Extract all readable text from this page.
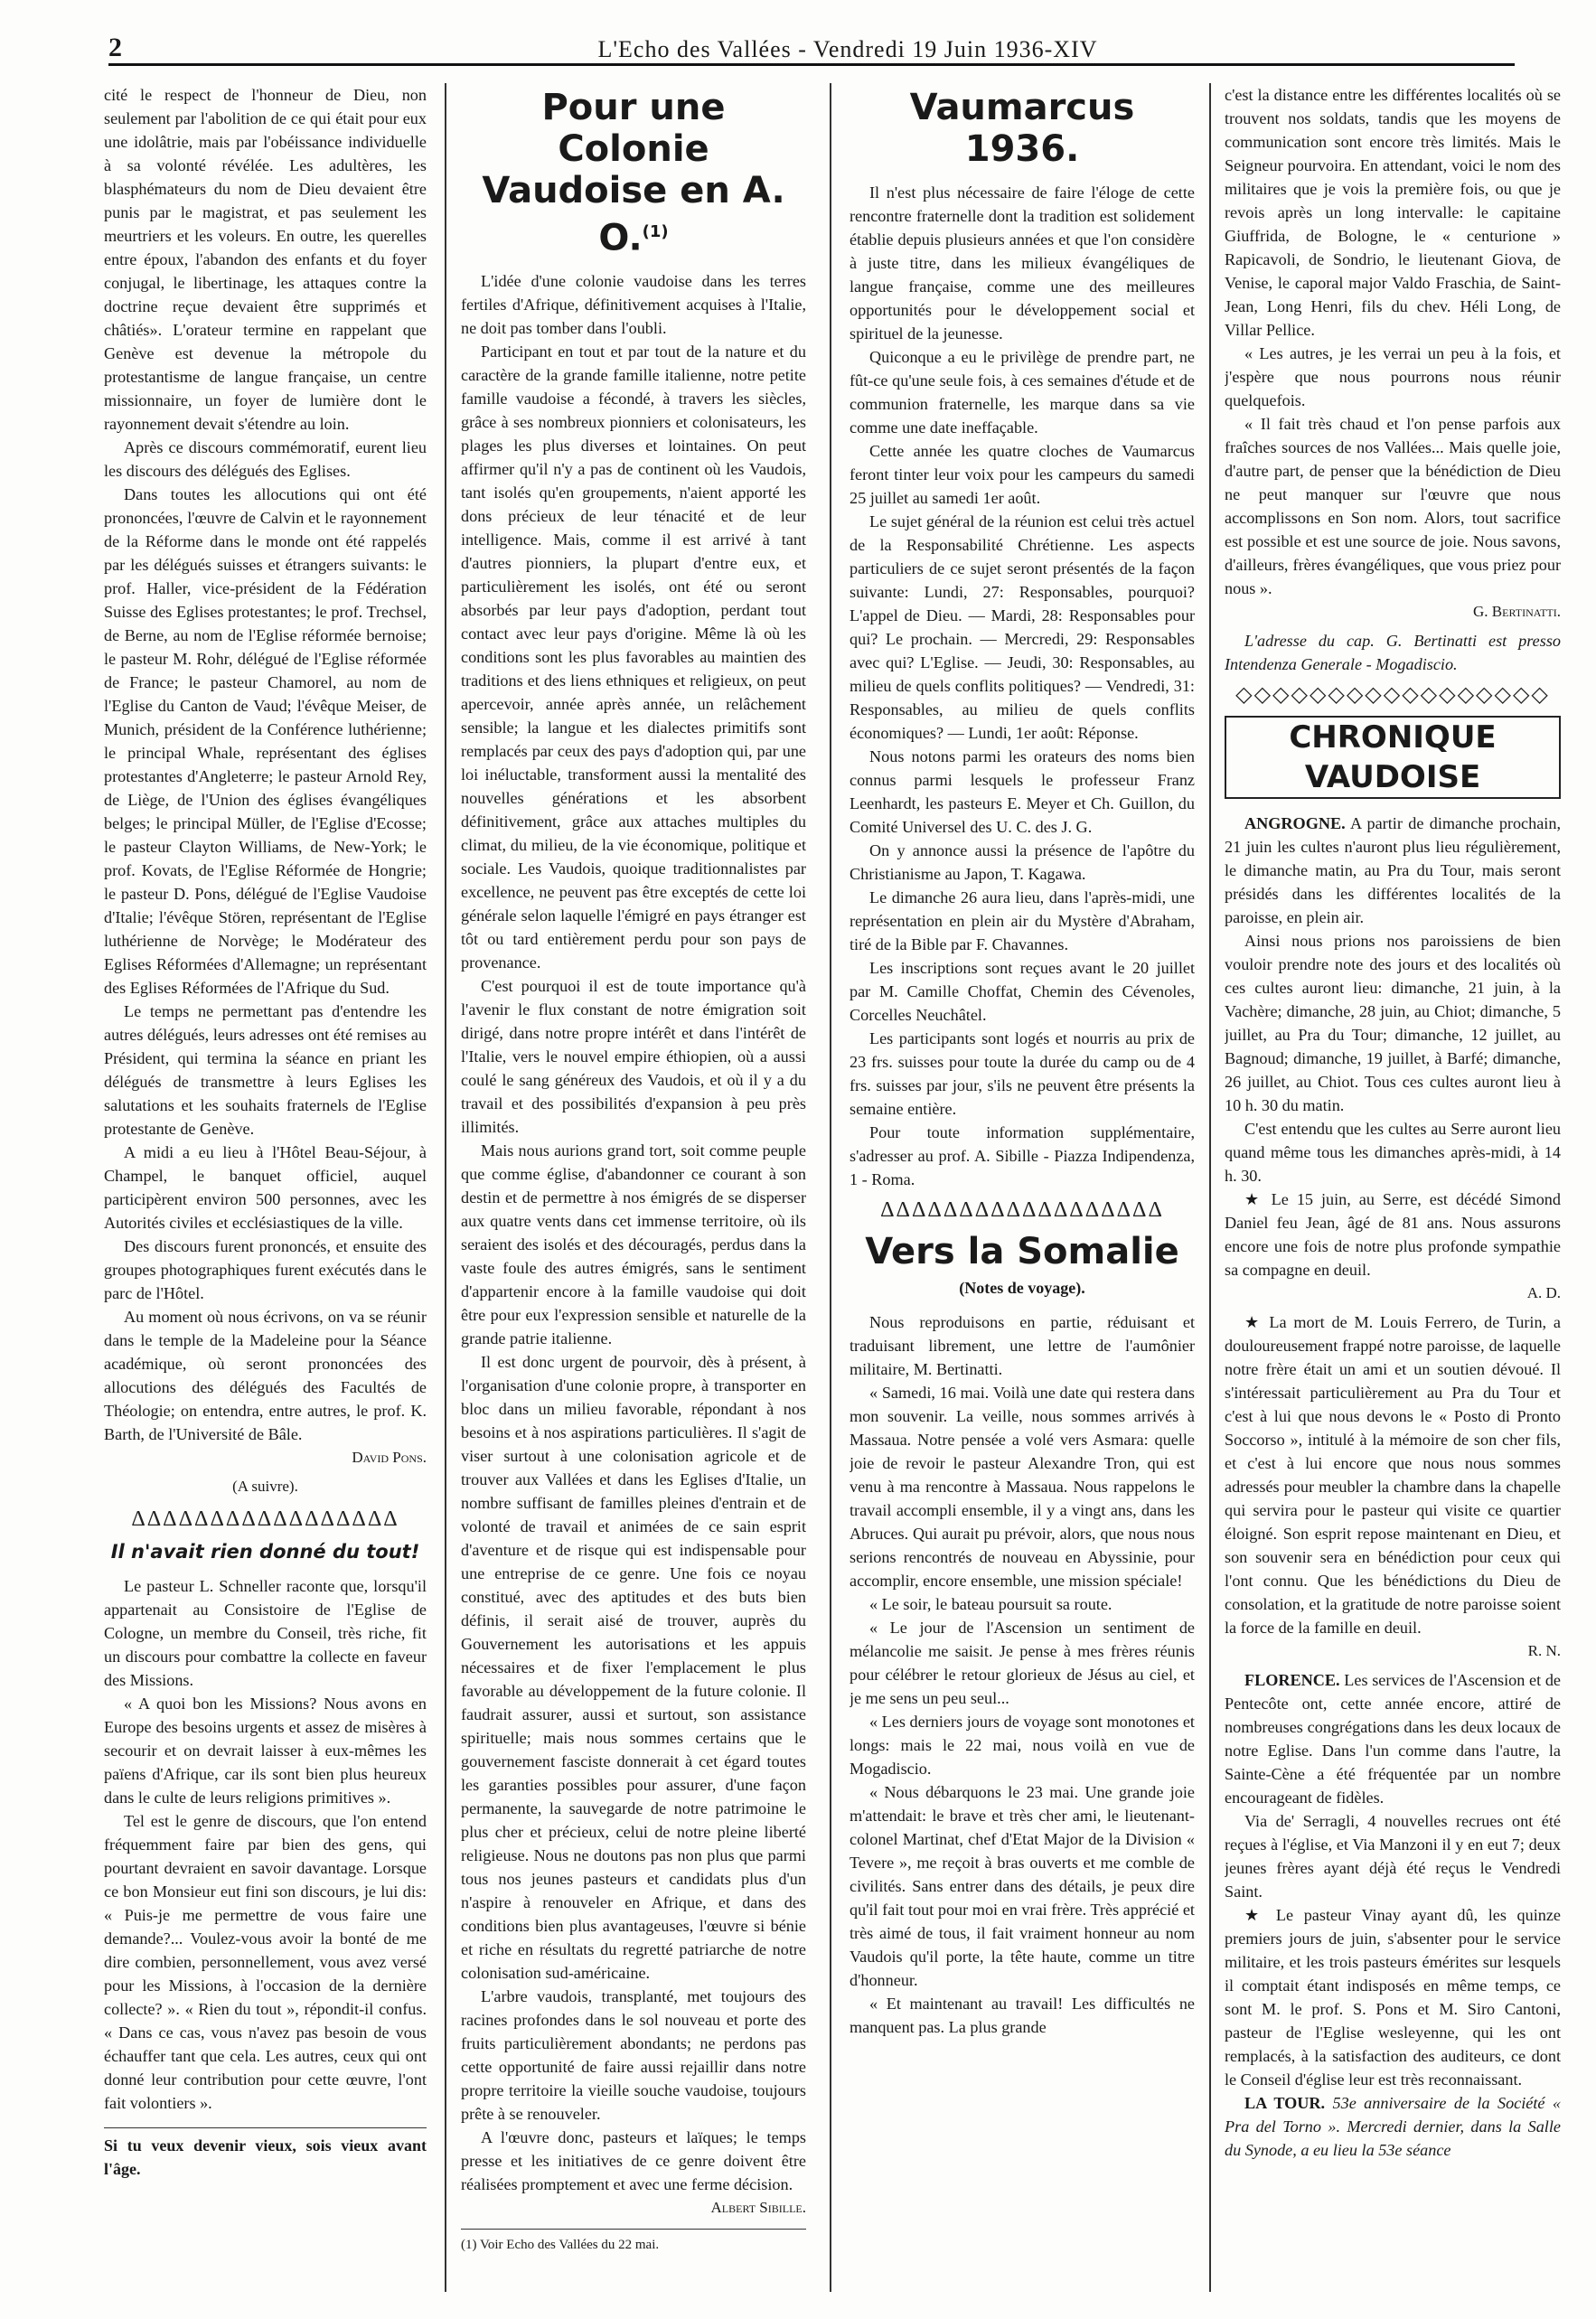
2	L'Echo des Vallées - Vendredi 19 Juin 1936-XIV

cité le respect de l'honneur de Dieu, non seulement par l'abolition de ce qui était pour eux une idolâtrie, mais par l'obéissance individuelle à sa volonté révélée. Les adultères, les blasphémateurs du nom de Dieu devaient être punis par le magistrat, et pas seulement les meurtriers et les voleurs. En outre, les querelles entre époux, l'abandon des enfants et du foyer conjugal, le libertinage, les attaques contre la doctrine reçue devaient être supprimés et châtiés». L'orateur termine en rappelant que Genève est devenue la métropole du protestantisme de langue française, un centre missionnaire, un foyer de lumière dont le rayonnement devait s'étendre au loin.

Après ce discours commémoratif, eurent lieu les discours des délégués des Eglises.

Dans toutes les allocutions qui ont été prononcées, l'œuvre de Calvin et le rayonnement de la Réforme dans le monde ont été rappelés par les délégués suisses et étrangers suivants: le prof. Haller, vice-président de la Fédération Suisse des Eglises protestantes; le prof. Trechsel, de Berne, au nom de l'Eglise réformée bernoise; le pasteur M. Rohr, délégué de l'Eglise réformée de France; le pasteur Chamorel, au nom de l'Eglise du Canton de Vaud; l'évêque Meiser, de Munich, président de la Conférence luthérienne; le principal Whale, représentant des églises protestantes d'Angleterre; le pasteur Arnold Rey, de Liège, de l'Union des églises évangéliques belges; le principal Müller, de l'Eglise d'Ecosse; le pasteur Clayton Williams, de New-York; le prof. Kovats, de l'Eglise Réformée de Hongrie; le pasteur D. Pons, délégué de l'Eglise Vaudoise d'Italie; l'évêque Stören, représentant de l'Eglise luthérienne de Norvège; le Modérateur des Eglises Réformées d'Allemagne; un représentant des Eglises Réformées de l'Afrique du Sud.

Le temps ne permettant pas d'entendre les autres délégués, leurs adresses ont été remises au Président, qui termina la séance en priant les délégués de transmettre à leurs Eglises les salutations et les souhaits fraternels de l'Eglise protestante de Genève.

A midi a eu lieu à l'Hôtel Beau-Séjour, à Champel, le banquet officiel, auquel participèrent environ 500 personnes, avec les Autorités civiles et ecclésiastiques de la ville.

Des discours furent prononcés, et ensuite des groupes photographiques furent exécutés dans le parc de l'Hôtel.

Au moment où nous écrivons, on va se réunir dans le temple de la Madeleine pour la Séance académique, où seront prononcées des allocutions des délégués des Facultés de Théologie; on entendra, entre autres, le prof. K. Barth, de l'Université de Bâle.

David Pons.
(A suivre).
ΔΔΔΔΔΔΔΔΔΔΔΔΔΔΔΔΔ
Il n'avait rien donné du tout!

Le pasteur L. Schneller raconte que, lorsqu'il appartenait au Consistoire de l'Eglise de Cologne, un membre du Conseil, très riche, fit un discours pour combattre la collecte en faveur des Missions.

« A quoi bon les Missions? Nous avons en Europe des besoins urgents et assez de misères à secourir et on devrait laisser à eux-mêmes les païens d'Afrique, car ils sont bien plus heureux dans le culte de leurs religions primitives ».

Tel est le genre de discours, que l'on entend fréquemment faire par bien des gens, qui pourtant devraient en savoir davantage. Lorsque ce bon Monsieur eut fini son discours, je lui dis: « Puis-je me permettre de vous faire une demande?... Voulez-vous avoir la bonté de me dire combien, personnellement, vous avez versé pour les Missions, à l'occasion de la dernière collecte? ». « Rien du tout », répondit-il confus. « Dans ce cas, vous n'avez pas besoin de vous échauffer tant que cela. Les autres, ceux qui ont donné leur contribution pour cette œuvre, l'ont fait volontiers ».

Si tu veux devenir vieux, sois vieux avant l'âge.
Pour une Colonie Vaudoise en A. O.$^{(1)}$

L'idée d'une colonie vaudoise dans les terres fertiles d'Afrique, définitivement acquises à l'Italie, ne doit pas tomber dans l'oubli.

Participant en tout et par tout de la nature et du caractère de la grande famille italienne, notre petite famille vaudoise a fécondé, à travers les siècles, grâce à ses nombreux pionniers et colonisateurs, les plages les plus diverses et lointaines. On peut affirmer qu'il n'y a pas de continent où les Vaudois, tant isolés qu'en groupements, n'aient apporté les dons précieux de leur ténacité et de leur intelligence. Mais, comme il est arrivé à tant d'autres pionniers, la plupart d'entre eux, et particulièrement les isolés, ont été ou seront absorbés par leur pays d'adoption, perdant tout contact avec leur pays d'origine. Même là où les conditions sont les plus favorables au maintien des traditions et des liens ethniques et religieux, on peut apercevoir, année après année, un relâchement sensible; la langue et les dialectes primitifs sont remplacés par ceux des pays d'adoption qui, par une loi inéluctable, transforment aussi la mentalité des nouvelles générations et les absorbent définitivement, grâce aux attaches multiples du climat, du milieu, de la vie économique, politique et sociale. Les Vaudois, quoique traditionnalistes par excellence, ne peuvent pas être exceptés de cette loi générale selon laquelle l'émigré en pays étranger est tôt ou tard entièrement perdu pour son pays de provenance.

C'est pourquoi il est de toute importance qu'à l'avenir le flux constant de notre émigration soit dirigé, dans notre propre intérêt et dans l'intérêt de l'Italie, vers le nouvel empire éthiopien, où a aussi coulé le sang généreux des Vaudois, et où il y a du travail et des possibilités d'expansion à peu près illimités.

Mais nous aurions grand tort, soit comme peuple que comme église, d'abandonner ce courant à son destin et de permettre à nos émigrés de se disperser aux quatre vents dans cet immense territoire, où ils seraient des isolés et des découragés, perdus dans la vaste foule des autres émigrés, sans le sentiment d'appartenir encore à la famille vaudoise qui doit être pour eux l'expression sensible et naturelle de la grande patrie italienne.

Il est donc urgent de pourvoir, dès à présent, à l'organisation d'une colonie propre, à transporter en bloc dans un milieu favorable, répondant à nos besoins et à nos aspirations particulières. Il s'agit de viser surtout à une colonisation agricole et de trouver aux Vallées et dans les Eglises d'Italie, un nombre suffisant de familles pleines d'entrain et de volonté de travail et animées de ce sain esprit d'aventure et de risque qui est indispensable pour une entreprise de ce genre. Une fois ce noyau constitué, avec des aptitudes et des buts bien définis, il serait aisé de trouver, auprès du Gouvernement les autorisations et les appuis nécessaires et de fixer l'emplacement le plus favorable au développement de la future colonie. Il faudrait assurer, aussi et surtout, son assistance spirituelle; mais nous sommes certains que le gouvernement fasciste donnerait à cet égard toutes les garanties possibles pour assurer, d'une façon permanente, la sauvegarde de notre patrimoine le plus cher et précieux, celui de notre pleine liberté religieuse. Nous ne doutons pas non plus que parmi tous nos jeunes pasteurs et candidats plus d'un n'aspire à renouveler en Afrique, et dans des conditions bien plus avantageuses, l'œuvre si bénie et riche en résultats du regretté patriarche de notre colonisation sud-américaine.

L'arbre vaudois, transplanté, met toujours des racines profondes dans le sol nouveau et porte des fruits particulièrement abondants; ne perdons pas cette opportunité de faire aussi rejaillir dans notre propre territoire la vieille souche vaudoise, toujours prête à se renouveler.

A l'œuvre donc, pasteurs et laïques; le temps presse et les initiatives de ce genre doivent être réalisées promptement et avec une ferme décision.

Albert Sibille.
(1) Voir Echo des Vallées du 22 mai.
Vaumarcus 1936.

Il n'est plus nécessaire de faire l'éloge de cette rencontre fraternelle dont la tradition est solidement établie depuis plusieurs années et que l'on considère à juste titre, dans les milieux évangéliques de langue française, comme une des meilleures opportunités pour le développement social et spirituel de la jeunesse.

Quiconque a eu le privilège de prendre part, ne fût-ce qu'une seule fois, à ces semaines d'étude et de communion fraternelle, les marque dans sa vie comme une date ineffaçable.

Cette année les quatre cloches de Vaumarcus feront tinter leur voix pour les campeurs du samedi 25 juillet au samedi 1er août.

Le sujet général de la réunion est celui très actuel de la Responsabilité Chrétienne. Les aspects particuliers de ce sujet seront présentés de la façon suivante: Lundi, 27: Responsables, pourquoi? L'appel de Dieu. — Mardi, 28: Responsables pour qui? Le prochain. — Mercredi, 29: Responsables avec qui? L'Eglise. — Jeudi, 30: Responsables, au milieu de quels conflits politiques? — Vendredi, 31: Responsables, au milieu de quels conflits économiques? — Lundi, 1er août: Réponse.

Nous notons parmi les orateurs des noms bien connus parmi lesquels le professeur Franz Leenhardt, les pasteurs E. Meyer et Ch. Guillon, du Comité Universel des U. C. des J. G.

On y annonce aussi la présence de l'apôtre du Christianisme au Japon, T. Kagawa.

Le dimanche 26 aura lieu, dans l'après-midi, une représentation en plein air du Mystère d'Abraham, tiré de la Bible par F. Chavannes.

Les inscriptions sont reçues avant le 20 juillet par M. Camille Choffat, Chemin des Cévenoles, Corcelles Neuchâtel.

Les participants sont logés et nourris au prix de 23 frs. suisses pour toute la durée du camp ou de 4 frs. suisses par jour, s'ils ne peuvent être présents la semaine entière.

Pour toute information supplémentaire, s'adresser au prof. A. Sibille - Piazza Indipendenza, 1 - Roma.

ΔΔΔΔΔΔΔΔΔΔΔΔΔΔΔΔΔΔ
Vers la Somalie
(Notes de voyage).

Nous reproduisons en partie, réduisant et traduisant librement, une lettre de l'aumônier militaire, M. Bertinatti.

« Samedi, 16 mai. Voilà une date qui restera dans mon souvenir. La veille, nous sommes arrivés à Massaua. Notre pensée a volé vers Asmara: quelle joie de revoir le pasteur Alexandre Tron, qui est venu à ma rencontre à Massaua. Nous rappelons le travail accompli ensemble, il y a vingt ans, dans les Abruces. Qui aurait pu prévoir, alors, que nous nous serions rencontrés de nouveau en Abyssinie, pour accomplir, encore ensemble, une mission spéciale!

« Le soir, le bateau poursuit sa route.

« Le jour de l'Ascension un sentiment de mélancolie me saisit. Je pense à mes frères réunis pour célébrer le retour glorieux de Jésus au ciel, et je me sens un peu seul...

« Les derniers jours de voyage sont monotones et longs: mais le 22 mai, nous voilà en vue de Mogadiscio.

« Nous débarquons le 23 mai. Une grande joie m'attendait: le brave et très cher ami, le lieutenant-colonel Martinat, chef d'Etat Major de la Division « Tevere », me reçoit à bras ouverts et me comble de civilités. Sans entrer dans des détails, je peux dire qu'il fait tout pour moi en vrai frère. Très apprécié et très aimé de tous, il fait vraiment honneur au nom Vaudois qu'il porte, la tête haute, comme un titre d'honneur.

« Et maintenant au travail! Les difficultés ne manquent pas. La plus grande

c'est la distance entre les différentes localités où se trouvent nos soldats, tandis que les moyens de communication sont encore très limités. Mais le Seigneur pourvoira. En attendant, voici le nom des militaires que je vois la première fois, ou que je revois après un long intervalle: le capitaine Giuffrida, de Bologne, le « centurione » Rapicavoli, de Sondrio, le lieutenant Giova, de Venise, le caporal major Valdo Fraschia, de Saint-Jean, Long Henri, fils du chev. Héli Long, de Villar Pellice.

« Les autres, je les verrai un peu à la fois, et j'espère que nous pourrons nous réunir quelquefois.

« Il fait très chaud et l'on pense parfois aux fraîches sources de nos Vallées... Mais quelle joie, d'autre part, de penser que la bénédiction de Dieu ne peut manquer sur l'œuvre que nous accomplissons en Son nom. Alors, tout sacrifice est possible et est une source de joie. Nous savons, d'ailleurs, frères évangéliques, que vous priez pour nous ».

G. Bertinatti.

L'adresse du cap. G. Bertinatti est presso Intendenza Generale - Mogadiscio.

◇◇◇◇◇◇◇◇◇◇◇◇◇◇◇◇◇
CHRONIQUE VAUDOISE

ANGROGNE. A partir de dimanche prochain, 21 juin les cultes n'auront plus lieu régulièrement, le dimanche matin, au Pra du Tour, mais seront présidés dans les différentes localités de la paroisse, en plein air.

Ainsi nous prions nos paroissiens de bien vouloir prendre note des jours et des localités où ces cultes auront lieu: dimanche, 21 juin, à la Vachère; dimanche, 28 juin, au Chiot; dimanche, 5 juillet, au Pra du Tour; dimanche, 12 juillet, au Bagnoud; dimanche, 19 juillet, à Barfé; dimanche, 26 juillet, au Chiot. Tous ces cultes auront lieu à 10 h. 30 du matin.

C'est entendu que les cultes au Serre auront lieu quand même tous les dimanches après-midi, à 14 h. 30.

★ Le 15 juin, au Serre, est décédé Simond Daniel feu Jean, âgé de 81 ans. Nous assurons encore une fois de notre plus profonde sympathie sa compagne en deuil.

A. D.

★ La mort de M. Louis Ferrero, de Turin, a douloureusement frappé notre paroisse, de laquelle notre frère était un ami et un soutien dévoué. Il s'intéressait particulièrement au Pra du Tour et c'est à lui que nous devons le « Posto di Pronto Soccorso », intitulé à la mémoire de son cher fils, et c'est à lui encore que nous nous sommes adressés pour meubler la chambre dans la chapelle qui servira pour le pasteur qui visite ce quartier éloigné. Son esprit repose maintenant en Dieu, et son souvenir sera en bénédiction pour ceux qui l'ont connu. Que les bénédictions du Dieu de consolation, et la gratitude de notre paroisse soient la force de la famille en deuil.

R. N.

FLORENCE. Les services de l'Ascension et de Pentecôte ont, cette année encore, attiré de nombreuses congrégations dans les deux locaux de notre Eglise. Dans l'un comme dans l'autre, la Sainte-Cène a été fréquentée par un nombre encourageant de fidèles.

Via de' Serragli, 4 nouvelles recrues ont été reçues à l'église, et Via Manzoni il y en eut 7; deux jeunes frères ayant déjà été reçus le Vendredi Saint.

★ Le pasteur Vinay ayant dû, les quinze premiers jours de juin, s'absenter pour le service militaire, et les trois pasteurs émérites sur lesquels il comptait étant indisposés en même temps, ce sont M. le prof. S. Pons et M. Siro Cantoni, pasteur de l'Eglise wesleyenne, qui les ont remplacés, à la satisfaction des auditeurs, ce dont le Conseil d'église leur est très reconnaissant.

LA TOUR. 53e anniversaire de la Société « Pra del Torno ». Mercredi dernier, dans la Salle du Synode, a eu lieu la 53e séance
